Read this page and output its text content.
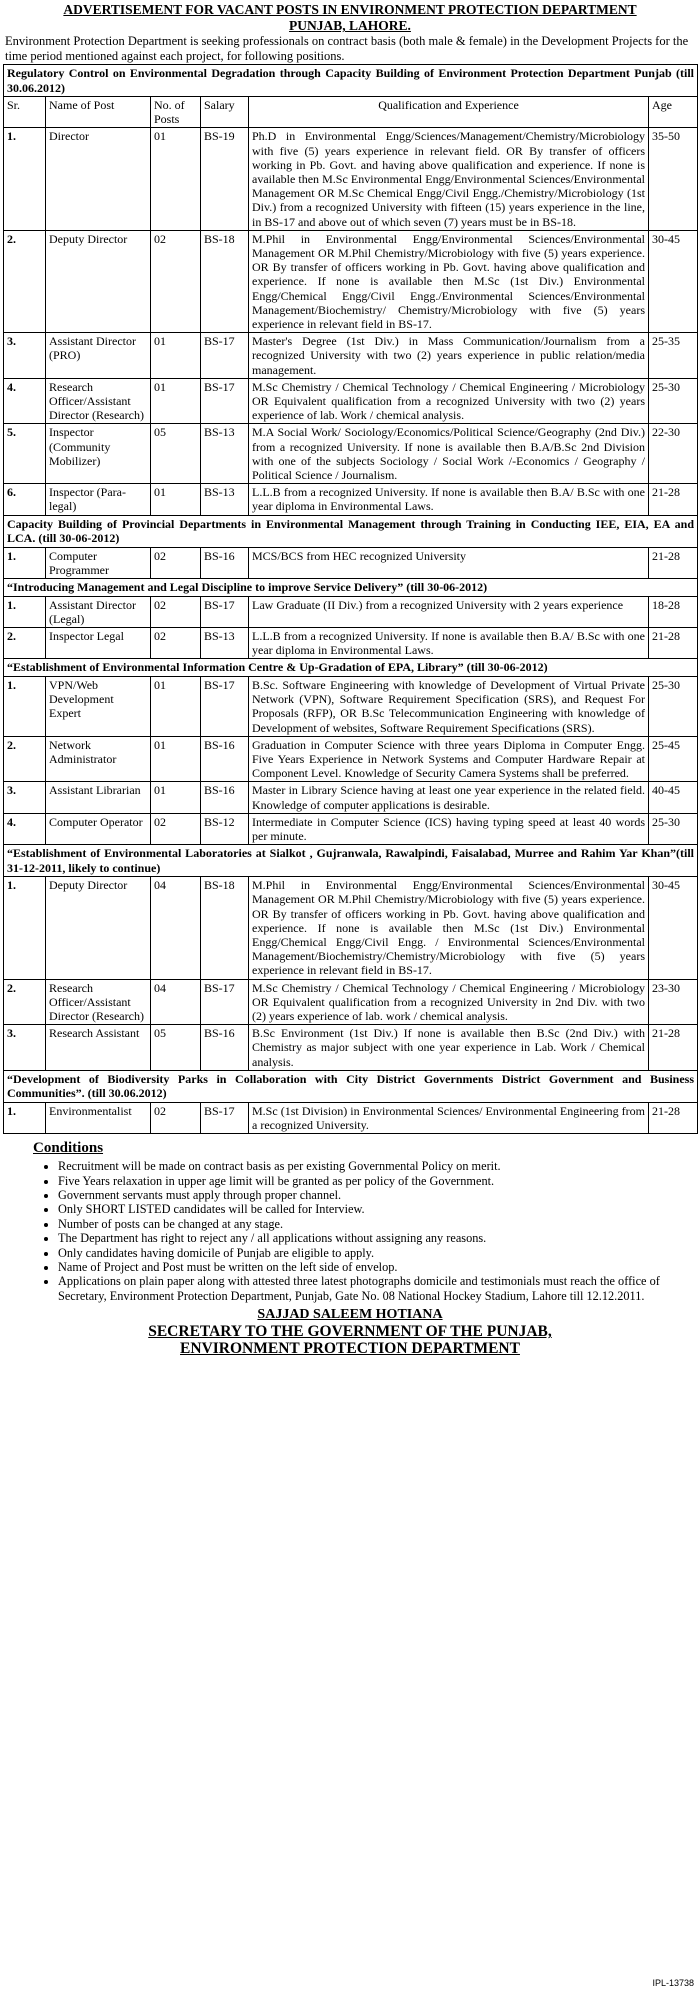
ADVERTISEMENT FOR VACANT POSTS IN ENVIRONMENT PROTECTION DEPARTMENT
PUNJAB, LAHORE.
Environment Protection Department is seeking professionals on contract basis (both male & female) in the Development Projects for the time period mentioned against each project, for following positions.
Regulatory Control on Environmental Degradation through Capacity Building of Environment Protection Department Punjab (till 30.06.2012)					
Sr.	Name of Post	No. of Posts	Salary	Qualification and Experience	Age
1.	Director	01	BS-19	Ph.D in Environmental Engg/Sciences/Management/Chemistry/Microbiology with five (5) years experience in relevant field. OR By transfer of officers working in Pb. Govt. and having above qualification and experience. If none is available then M.Sc Environmental Engg/Environmental Sciences/Environmental Management OR M.Sc Chemical Engg/Civil Engg./Chemistry/Microbiology (1st Div.) from a recognized University with fifteen (15) years experience in the line, in BS-17 and above out of which seven (7) years must be in BS-18.	35-50
2.	Deputy Director	02	BS-18	M.Phil in Environmental Engg/Environmental Sciences/Environmental Management OR M.Phil Chemistry/Microbiology with five (5) years experience. OR By transfer of officers working in Pb. Govt. having above qualification and experience. If none is available then M.Sc (1st Div.) Environmental Engg/Chemical Engg/Civil Engg./Environmental Sciences/Environmental Management/Biochemistry/ Chemistry/Microbiology with five (5) years experience in relevant field in BS-17.	30-45
3.	Assistant Director (PRO)	01	BS-17	Master's Degree (1st Div.) in Mass Communication/Journalism from a recognized University with two (2) years experience in public relation/media management.	25-35
4.	Research Officer/Assistant Director (Research)	01	BS-17	M.Sc Chemistry / Chemical Technology / Chemical Engineering / Microbiology OR Equivalent qualification from a recognized University with two (2) years experience of lab. Work / chemical analysis.	25-30
5.	Inspector (Community Mobilizer)	05	BS-13	M.A Social Work/ Sociology/Economics/Political Science/Geography (2nd Div.) from a recognized University. If none is available then B.A/B.Sc 2nd Division with one of the subjects Sociology / Social Work /-Economics / Geography / Political Science / Journalism.	22-30
6.	Inspector (Para-legal)	01	BS-13	L.L.B from a recognized University. If none is available then B.A/ B.Sc with one year diploma in Environmental Laws.	21-28
Capacity Building of Provincial Departments in Environmental Management through Training in Conducting IEE, EIA, EA and LCA. (till 30-06-2012)					
1.	Computer Programmer	02	BS-16	MCS/BCS from HEC recognized University	21-28
“Introducing Management and Legal Discipline to improve Service Delivery” (till 30-06-2012)					
1.	Assistant Director (Legal)	02	BS-17	Law Graduate (II Div.) from a recognized University with 2 years experience	18-28
2.	Inspector Legal	02	BS-13	L.L.B from a recognized University. If none is available then B.A/ B.Sc with one year diploma in Environmental Laws.	21-28
“Establishment of Environmental Information Centre & Up-Gradation of EPA, Library” (till 30-06-2012)					
1.	VPN/Web Development Expert	01	BS-17	B.Sc. Software Engineering with knowledge of Development of Virtual Private Network (VPN), Software Requirement Specification (SRS), and Request For Proposals (RFP), OR B.Sc Telecommunication Engineering with knowledge of Development of websites, Software Requirement Specifications (SRS).	25-30
2.	Network Administrator	01	BS-16	Graduation in Computer Science with three years Diploma in Computer Engg. Five Years Experience in Network Systems and Computer Hardware Repair at Component Level. Knowledge of Security Camera Systems shall be preferred.	25-45
3.	Assistant Librarian	01	BS-16	Master in Library Science having at least one year experience in the related field. Knowledge of computer applications is desirable.	40-45
4.	Computer Operator	02	BS-12	Intermediate in Computer Science (ICS) having typing speed at least 40 words per minute.	25-30
“Establishment of Environmental Laboratories at Sialkot , Gujranwala, Rawalpindi, Faisalabad, Murree and Rahim Yar Khan”(till 31-12-2011, likely to continue)					
1.	Deputy Director	04	BS-18	M.Phil in Environmental Engg/Environmental Sciences/Environmental Management OR M.Phil Chemistry/Microbiology with five (5) years experience. OR By transfer of officers working in Pb. Govt. having above qualification and experience. If none is available then M.Sc (1st Div.) Environmental Engg/Chemical Engg/Civil Engg. / Environmental Sciences/Environmental Management/Biochemistry/Chemistry/Microbiology with five (5) years experience in relevant field in BS-17.	30-45
2.	Research Officer/Assistant Director (Research)	04	BS-17	M.Sc Chemistry / Chemical Technology / Chemical Engineering / Microbiology OR Equivalent qualification from a recognized University in 2nd Div. with two (2) years experience of lab. work / chemical analysis.	23-30
3.	Research Assistant	05	BS-16	B.Sc Environment (1st Div.) If none is available then B.Sc (2nd Div.) with Chemistry as major subject with one year experience in Lab. Work / Chemical analysis.	21-28
“Development of Biodiversity Parks in Collaboration with City District Governments District Government and Business Communities”. (till 30.06.2012)					
1.	Environmentalist	02	BS-17	M.Sc (1st Division) in Environmental Sciences/ Environmental Engineering from a recognized University.	21-28
Conditions
• Recruitment will be made on contract basis as per existing Governmental Policy on merit.
• Five Years relaxation in upper age limit will be granted as per policy of the Government.
• Government servants must apply through proper channel.
• Only SHORT LISTED candidates will be called for Interview.
• Number of posts can be changed at any stage.
• The Department has right to reject any / all applications without assigning any reasons.
• Only candidates having domicile of Punjab are eligible to apply.
• Name of Project and Post must be written on the left side of envelop.
• Applications on plain paper along with attested three latest photographs domicile and testimonials must reach the office of Secretary, Environment Protection Department, Punjab, Gate No. 08 National Hockey Stadium, Lahore till 12.12.2011.
SAJJAD SALEEM HOTIANA
SECRETARY TO THE GOVERNMENT OF THE PUNJAB,
ENVIRONMENT PROTECTION DEPARTMENT
IPL-13738
